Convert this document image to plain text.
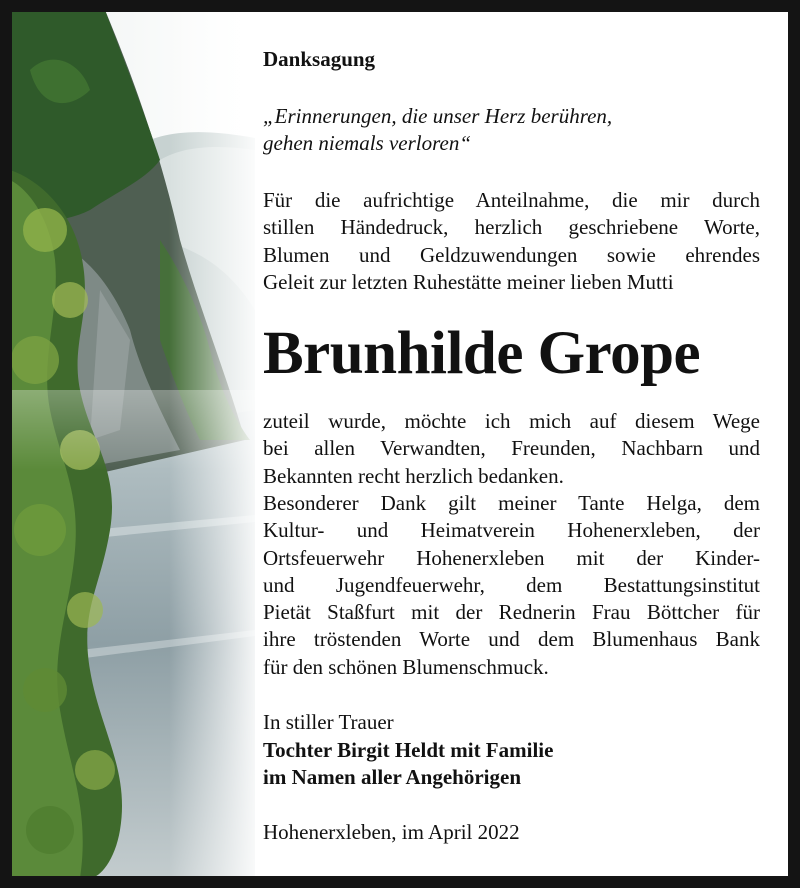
Danksagung
„Erinnerungen, die unser Herz berühren,
gehen niemals verloren“
Für die aufrichtige Anteilnahme, die mir durch
stillen Händedruck, herzlich geschriebene Worte,
Blumen und Geldzuwendungen sowie ehrendes
Geleit zur letzten Ruhestätte meiner lieben Mutti
Brunhilde Grope
zuteil wurde, möchte ich mich auf diesem Wege
bei allen Verwandten, Freunden, Nachbarn und
Bekannten recht herzlich bedanken.
Besonderer Dank gilt meiner Tante Helga, dem
Kultur- und Heimatverein Hohenerxleben, der
Ortsfeuerwehr Hohenerxleben mit der Kinder-
und Jugendfeuerwehr, dem Bestattungsinstitut
Pietät Staßfurt mit der Rednerin Frau Böttcher für
ihre tröstenden Worte und dem Blumenhaus Bank
für den schönen Blumenschmuck.
In stiller Trauer
Tochter Birgit Heldt mit Familie
im Namen aller Angehörigen
Hohenerxleben, im April 2022
